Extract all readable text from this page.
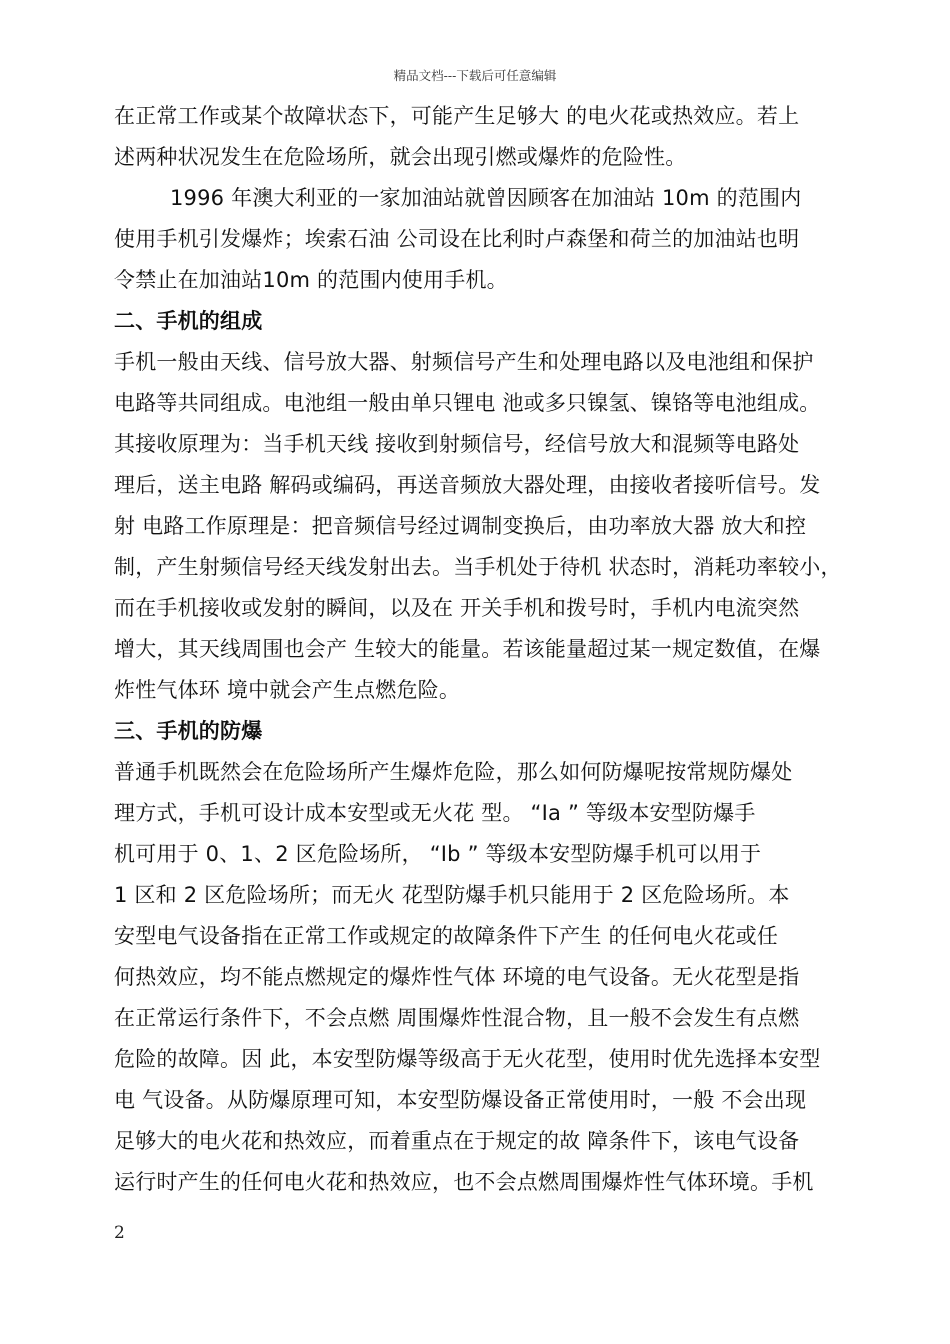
精品文档---下载后可任意编辑
在正常工作或某个故障状态下，可能产生足够大 的电火花或热效应。若上
述两种状况发生在危险场所，就会出现引燃或爆炸的危险性。
1996 年澳大利亚的一家加油站就曾因顾客在加油站 10m 的范围内
使用手机引发爆炸；埃索石油 公司设在比利时卢森堡和荷兰的加油站也明
令禁止在加油站10m 的范围内使用手机。
二、手机的组成
手机一般由天线、信号放大器、射频信号产生和处理电路以及电池组和保护
电路等共同组成。电池组一般由单只锂电 池或多只镍氢、镍铬等电池组成。
其接收原理为：当手机天线 接收到射频信号，经信号放大和混频等电路处
理后，送主电路 解码或编码，再送音频放大器处理，由接收者接听信号。发
射 电路工作原理是：把音频信号经过调制变换后，由功率放大器 放大和控
制，产生射频信号经天线发射出去。当手机处于待机 状态时，消耗功率较小，
而在手机接收或发射的瞬间，以及在 开关手机和拨号时，手机内电流突然
增大，其天线周围也会产 生较大的能量。若该能量超过某一规定数值，在爆
炸性气体环 境中就会产生点燃危险。
三、手机的防爆
普通手机既然会在危险场所产生爆炸危险，那么如何防爆呢按常规防爆处
理方式，手机可设计成本安型或无火花 型。 “Ia ” 等级本安型防爆手
机可用于 0、1、2 区危险场所， “Ib ” 等级本安型防爆手机可以用于
1 区和 2 区危险场所；而无火 花型防爆手机只能用于 2 区危险场所。本
安型电气设备指在正常工作或规定的故障条件下产生 的任何电火花或任
何热效应，均不能点燃规定的爆炸性气体 环境的电气设备。无火花型是指
在正常运行条件下，不会点燃 周围爆炸性混合物，且一般不会发生有点燃
危险的故障。因 此，本安型防爆等级高于无火花型，使用时优先选择本安型
电 气设备。从防爆原理可知，本安型防爆设备正常使用时，一般 不会出现
足够大的电火花和热效应，而着重点在于规定的故 障条件下，该电气设备
运行时产生的任何电火花和热效应，也不会点燃周围爆炸性气体环境。手机
2
